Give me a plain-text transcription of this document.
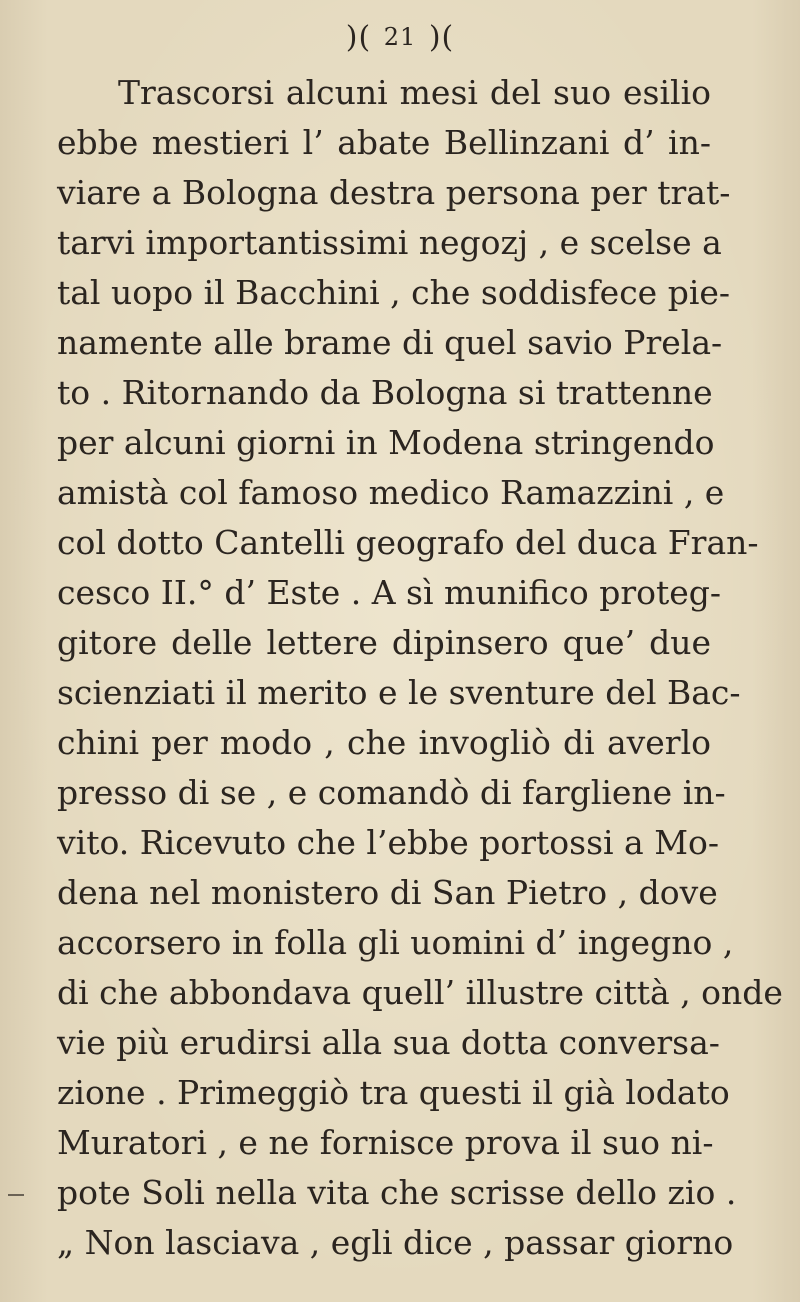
)( 21 )(
Trascorsi alcuni mesi del suo esilio
ebbe mestieri l’ abate Bellinzani d’ in-
viare a Bologna destra persona per trat-
tarvi importantissimi negozj , e scelse a
tal uopo il Bacchini , che soddisfece pie-
namente alle brame di quel savio Prela-
to . Ritornando da Bologna si trattenne
per alcuni giorni in Modena stringendo
amistà col famoso medico Ramazzini , e
col dotto Cantelli geografo del duca Fran-
cesco II.° d’ Este . A sì munifico proteg-
gitore delle lettere dipinsero que’ due
scienziati il merito e le sventure del Bac-
chini per modo , che invogliò di averlo
presso di se , e comandò di fargliene in-
vito. Ricevuto che l’ebbe portossi a Mo-
dena nel monistero di San Pietro , dove
accorsero in folla gli uomini d’ ingegno ,
di che abbondava quell’ illustre città , onde
vie più erudirsi alla sua dotta conversa-
zione . Primeggiò tra questi il già lodato
Muratori , e ne fornisce prova il suo ni-
pote Soli nella vita che scrisse dello zio .
„ Non lasciava , egli dice , passar giorno
